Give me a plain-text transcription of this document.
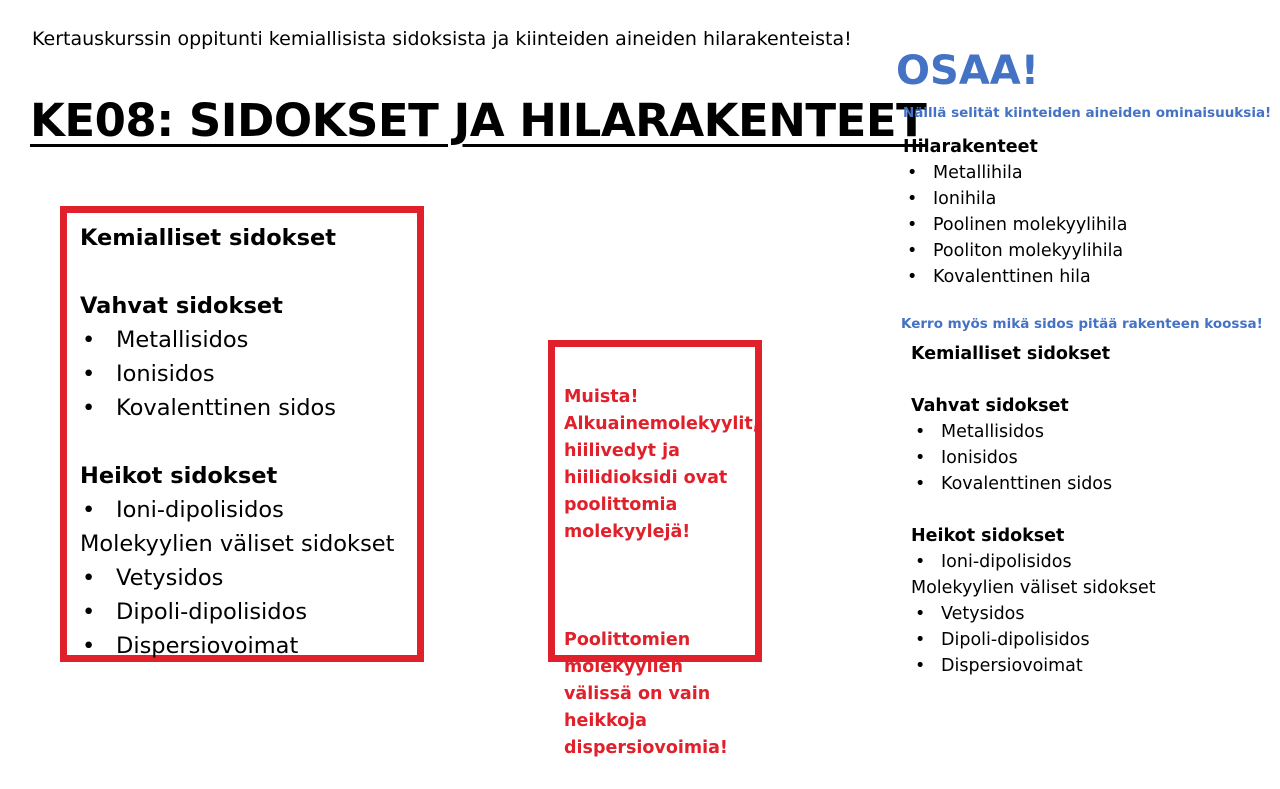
Kertauskurssin oppitunti kemiallisista sidoksista ja kiinteiden aineiden hilarakenteista!
KE08: SIDOKSET JA HILARAKENTEET
Kemialliset sidokset
Vahvat sidokset
• Metallisidos
• Ionisidos
• Kovalenttinen sidos
Heikot sidokset
• Ioni-dipolisidos
Molekyylien väliset sidokset
• Vetysidos
• Dipoli-dipolisidos
• Dispersiovoimat

Muista!
Alkuainemolekyylit, hiilivedyt ja hiilidioksidi ovat poolittomia molekyylejä!

Poolittomien molekyylien välissä on vain heikkoja dispersiovoimia!

OSAA!
Näillä selität kiinteiden aineiden ominaisuuksia!
Hilarakenteet
• Metallihila
• Ionihila
• Poolinen molekyylihila
• Pooliton molekyylihila
• Kovalenttinen hila
Kerro myös mikä sidos pitää rakenteen koossa!
Kemialliset sidokset
Vahvat sidokset
• Metallisidos
• Ionisidos
• Kovalenttinen sidos
Heikot sidokset
• Ioni-dipolisidos
Molekyylien väliset sidokset
• Vetysidos
• Dipoli-dipolisidos
• Dispersiovoimat
